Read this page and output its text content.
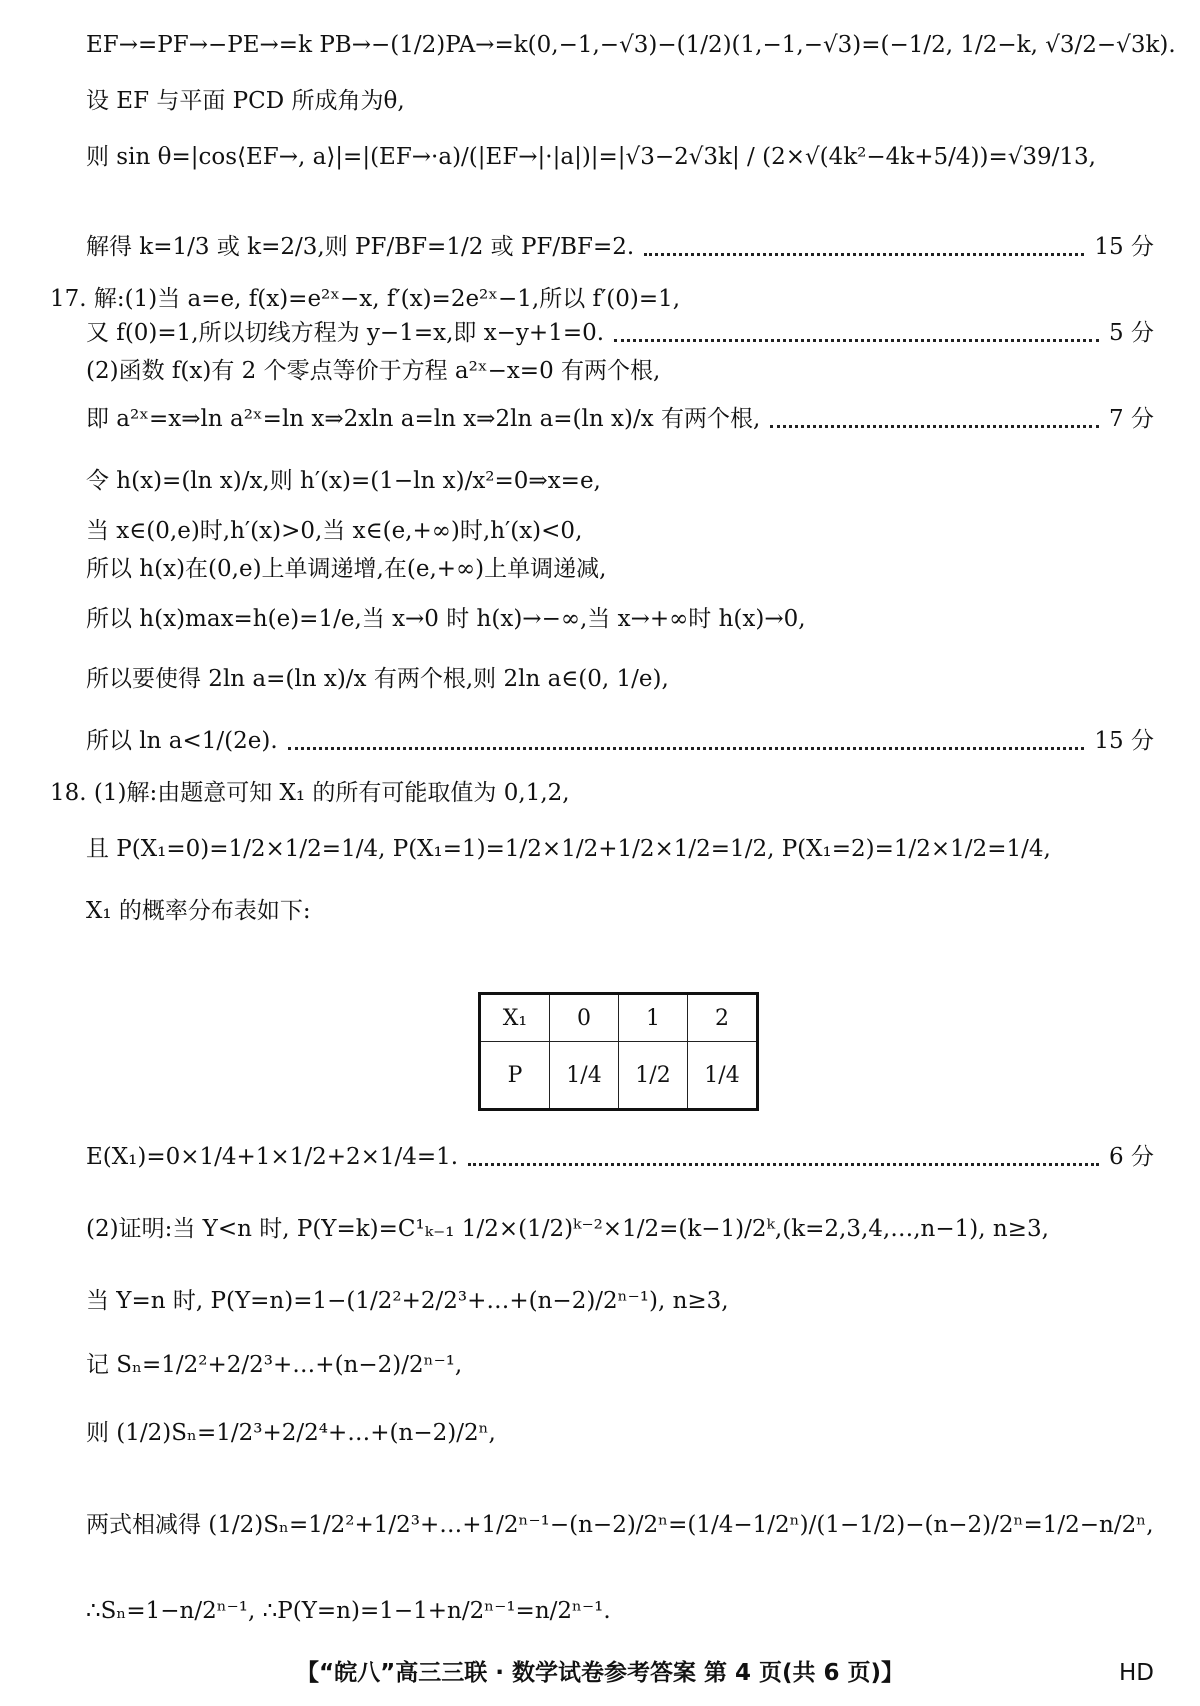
EF→=PF→−PE→=k PB→−(1/2)PA→=k(0,−1,−√3)−(1/2)(1,−1,−√3)=(−1/2, 1/2−k, √3/2−√3k).
设 EF 与平面 PCD 所成角为θ,
则 sin θ=|cos⟨EF→, a⟩|=|(EF→·a)/(|EF→|·|a|)|=|√3−2√3k| / (2×√(4k²−4k+5/4))=√39/13,
解得 k=1/3 或 k=2/3,则 PF/BF=1/2 或 PF/BF=2.	15 分
17. 解:(1)当 a=e, f(x)=e²ˣ−x, f′(x)=2e²ˣ−1,所以 f′(0)=1,
又 f(0)=1,所以切线方程为 y−1=x,即 x−y+1=0.	5 分
(2)函数 f(x)有 2 个零点等价于方程 a²ˣ−x=0 有两个根,
即 a²ˣ=x⇒ln a²ˣ=ln x⇒2xln a=ln x⇒2ln a=(ln x)/x 有两个根,	7 分
令 h(x)=(ln x)/x,则 h′(x)=(1−ln x)/x²=0⇒x=e,
当 x∈(0,e)时,h′(x)>0,当 x∈(e,+∞)时,h′(x)<0,
所以 h(x)在(0,e)上单调递增,在(e,+∞)上单调递减,
所以 h(x)max=h(e)=1/e,当 x→0 时 h(x)→−∞,当 x→+∞时 h(x)→0,
所以要使得 2ln a=(ln x)/x 有两个根,则 2ln a∈(0, 1/e),
所以 ln a<1/(2e).	15 分
18. (1)解:由题意可知 X₁ 的所有可能取值为 0,1,2,
且 P(X₁=0)=1/2×1/2=1/4, P(X₁=1)=1/2×1/2+1/2×1/2=1/2, P(X₁=2)=1/2×1/2=1/4,
X₁ 的概率分布表如下:
X₁	0	1	2
P	1/4	1/2	1/4
E(X₁)=0×1/4+1×1/2+2×1/4=1.	6 分
(2)证明:当 Y<n 时, P(Y=k)=C¹ₖ₋₁ 1/2×(1/2)ᵏ⁻²×1/2=(k−1)/2ᵏ,(k=2,3,4,…,n−1), n≥3,
当 Y=n 时, P(Y=n)=1−(1/2²+2/2³+…+(n−2)/2ⁿ⁻¹), n≥3,
记 Sₙ=1/2²+2/2³+…+(n−2)/2ⁿ⁻¹,
则 (1/2)Sₙ=1/2³+2/2⁴+…+(n−2)/2ⁿ,
两式相减得 (1/2)Sₙ=1/2²+1/2³+…+1/2ⁿ⁻¹−(n−2)/2ⁿ=(1/4−1/2ⁿ)/(1−1/2)−(n−2)/2ⁿ=1/2−n/2ⁿ,
∴Sₙ=1−n/2ⁿ⁻¹, ∴P(Y=n)=1−1+n/2ⁿ⁻¹=n/2ⁿ⁻¹.
【“皖八”高三三联 · 数学试卷参考答案 第 4 页(共 6 页)】	HD
